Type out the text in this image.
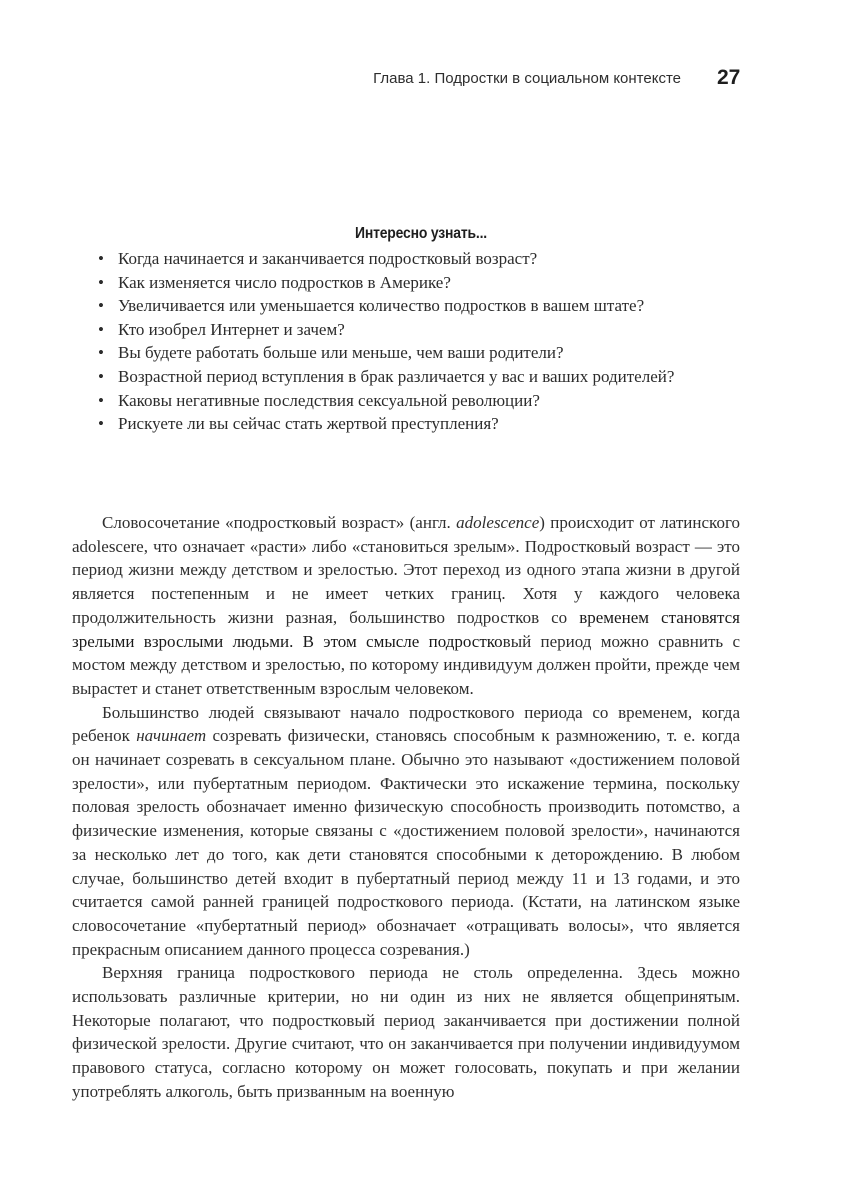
Глава 1. Подростки в социальном контексте 27
Интересно узнать...
• Когда начинается и заканчивается подростковый возраст?
• Как изменяется число подростков в Америке?
• Увеличивается или уменьшается количество подростков в вашем штате?
• Кто изобрел Интернет и зачем?
• Вы будете работать больше или меньше, чем ваши родители?
• Возрастной период вступления в брак различается у вас и ваших родителей?
• Каковы негативные последствия сексуальной революции?
• Рискуете ли вы сейчас стать жертвой преступления?

Словосочетание «подростковый возраст» (англ. adolescence) происходит от латинского adolescere, что означает «расти» либо «становиться зрелым». Подростковый возраст — это период жизни между детством и зрелостью. Этот переход из одного этапа жизни в другой является постепенным и не имеет четких границ. Хотя у каждого человека продолжительность жизни разная, большинство подростков со временем становятся зрелыми взрослыми людьми. В этом смысле подростковый период можно сравнить с мостом между детством и зрелостью, по которому индивидуум должен пройти, прежде чем вырастет и станет ответственным взрослым человеком.

Большинство людей связывают начало подросткового периода со временем, когда ребенок начинает созревать физически, становясь способным к размножению, т. е. когда он начинает созревать в сексуальном плане. Обычно это называют «достижением половой зрелости», или пубертатным периодом. Фактически это искажение термина, поскольку половая зрелость обозначает именно физическую способность производить потомство, а физические изменения, которые связаны с «достижением половой зрелости», начинаются за несколько лет до того, как дети становятся способными к деторождению. В любом случае, большинство детей входит в пубертатный период между 11 и 13 годами, и это считается самой ранней границей подросткового периода. (Кстати, на латинском языке словосочетание «пубертатный период» обозначает «отращивать волосы», что является прекрасным описанием данного процесса созревания.)

Верхняя граница подросткового периода не столь определенна. Здесь можно использовать различные критерии, но ни один из них не является общепринятым. Некоторые полагают, что подростковый период заканчивается при достижении полной физической зрелости. Другие считают, что он заканчивается при получении индивидуумом правового статуса, согласно которому он может голосовать, покупать и при желании употреблять алкоголь, быть призванным на военную
